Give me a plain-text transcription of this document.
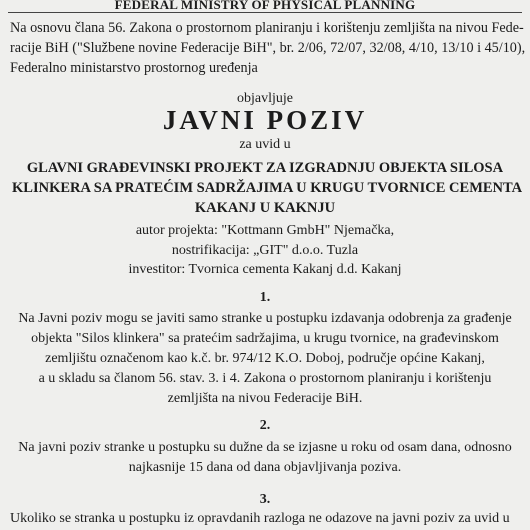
FEDERAL MINISTRY OF PHYSICAL PLANNING
Na osnovu člana 56. Zakona o prostornom planiranju i korištenju zemljišta na nivou Fede-
racije BiH ("Službene novine Federacije BiH", br. 2/06, 72/07, 32/08, 4/10, 13/10 i 45/10),
Federalno ministarstvo prostornog uređenja
objavljuje
JAVNI POZIV
za uvid u
GLAVNI GRAĐEVINSKI PROJEKT ZA IZGRADNJU OBJEKTA SILOSA
KLINKERA SA PRATEĆIM SADRŽAJIMA U KRUGU TVORNICE CEMENTA
KAKANJ U KAKNJU
autor projekta: "Kottmann GmbH" Njemačka,
nostrifikacija: „GIT" d.o.o. Tuzla
investitor: Tvornica cementa Kakanj d.d. Kakanj
1.
Na Javni poziv mogu se javiti samo stranke u postupku izdavanja odobrenja za građenje
objekta "Silos klinkera" sa pratećim sadržajima, u krugu tvornice, na građevinskom
zemljištu označenom kao k.č. br. 974/12 K.O. Doboj, područje općine Kakanj,
a u skladu sa članom 56. stav. 3. i 4. Zakona o prostornom planiranju i korištenju
zemljišta na nivou Federacije BiH.
2.
Na javni poziv stranke u postupku su dužne da se izjasne u roku od osam dana, odnosno
najkasnije 15 dana od dana objavljivanja poziva.
3.
Ukoliko se stranka u postupku iz opravdanih razloga ne odazove na javni poziv za uvid u
